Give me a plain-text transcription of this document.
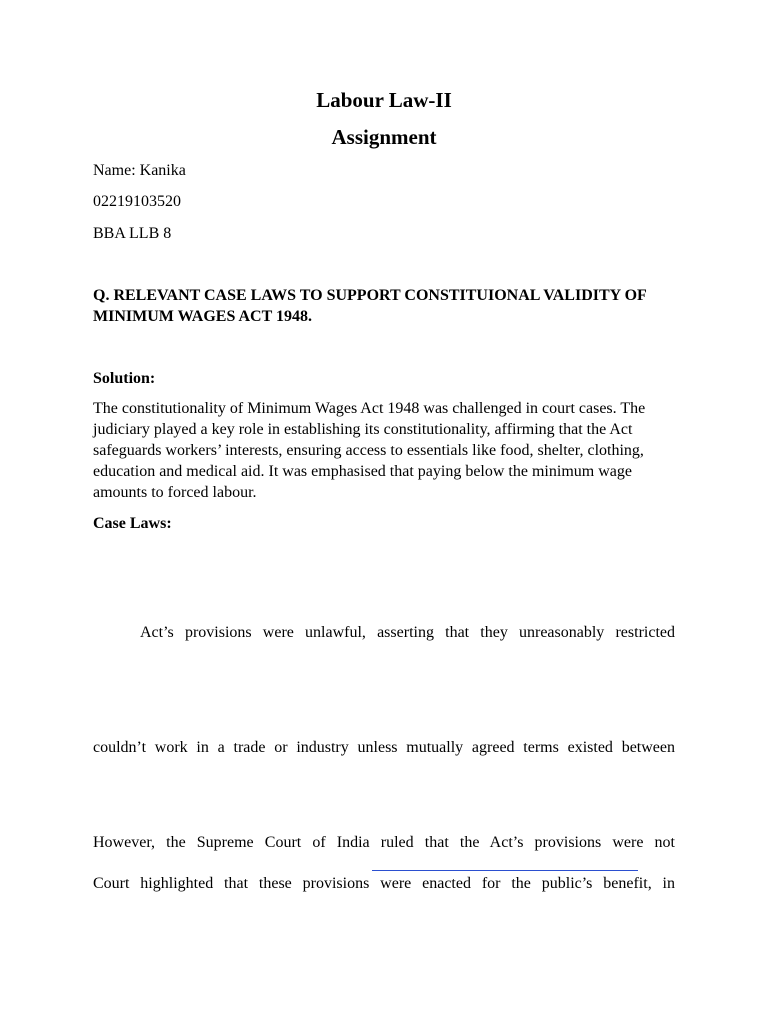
Labour Law-II
Assignment
Name: Kanika
02219103520
BBA LLB 8
Q. RELEVANT CASE LAWS TO SUPPORT CONSTITUIONAL VALIDITY OF MINIMUM WAGES ACT 1948.
Solution:
The constitutionality of Minimum Wages Act 1948 was challenged in court cases. The judiciary played a key role in establishing its constitutionality, affirming that the Act safeguards workers’ interests, ensuring access to essentials like food, shelter, clothing, education and medical aid. It was emphasised that paying below the minimum wage amounts to forced labour.
Case Laws:
Act’s provisions were unlawful, asserting that they unreasonably restricted
couldn’t work in a trade or industry unless mutually agreed terms existed between
However, the Supreme Court of India ruled that the Act’s provisions were not
Court highlighted that these provisions were enacted for the public’s benefit, in
